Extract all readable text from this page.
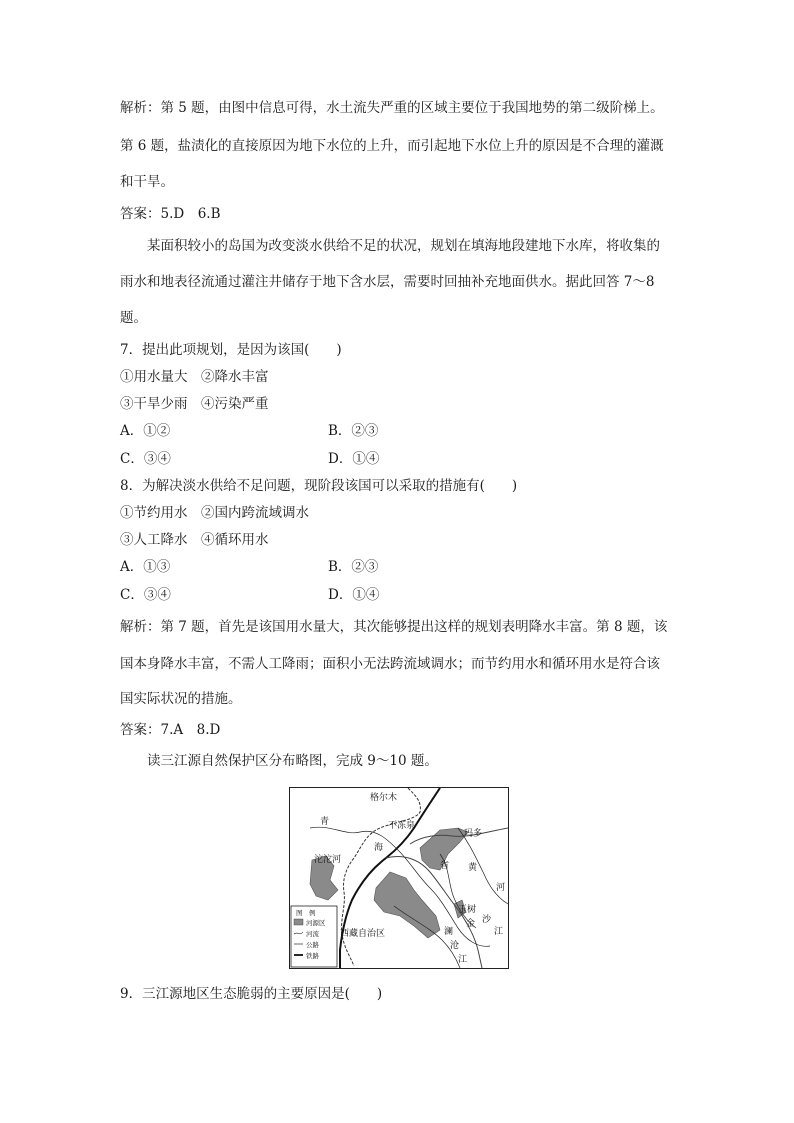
解析：第 5 题，由图中信息可得，水土流失严重的区域主要位于我国地势的第二级阶梯上。
第 6 题，盐渍化的直接原因为地下水位的上升，而引起地下水位上升的原因是不合理的灌溉
和干旱。
答案：5.D　6.B
某面积较小的岛国为改变淡水供给不足的状况，规划在填海地段建地下水库，将收集的
雨水和地表径流通过灌注井储存于地下含水层，需要时回抽补充地面供水。据此回答 7～8
题。
7．提出此项规划，是因为该国(　　)
①用水量大　②降水丰富
③干旱少雨　④污染严重
A．①②	B．②③
C．③④	D．①④
8．为解决淡水供给不足问题，现阶段该国可以采取的措施有(　　)
①节约用水　②国内跨流域调水
③人工降水　④循环用水
A．①③	B．②③
C．③④	D．①④
解析：第 7 题，首先是该国用水量大，其次能够提出这样的规划表明降水丰富。第 8 题，该
国本身降水丰富，不需人工降雨；面积小无法跨流域调水；而节约用水和循环用水是符合该
国实际状况的措施。
答案：7.A　8.D
读三江源自然保护区分布略图，完成 9～10 题。
格尔木
青	不冻泉
玛多
海
沱沱河
省 黄
河
玉树
金 沙
江
西藏自治区	澜
沧
江
图　例
河源区
河流
公路
铁路
9．三江源地区生态脆弱的主要原因是(　　)
